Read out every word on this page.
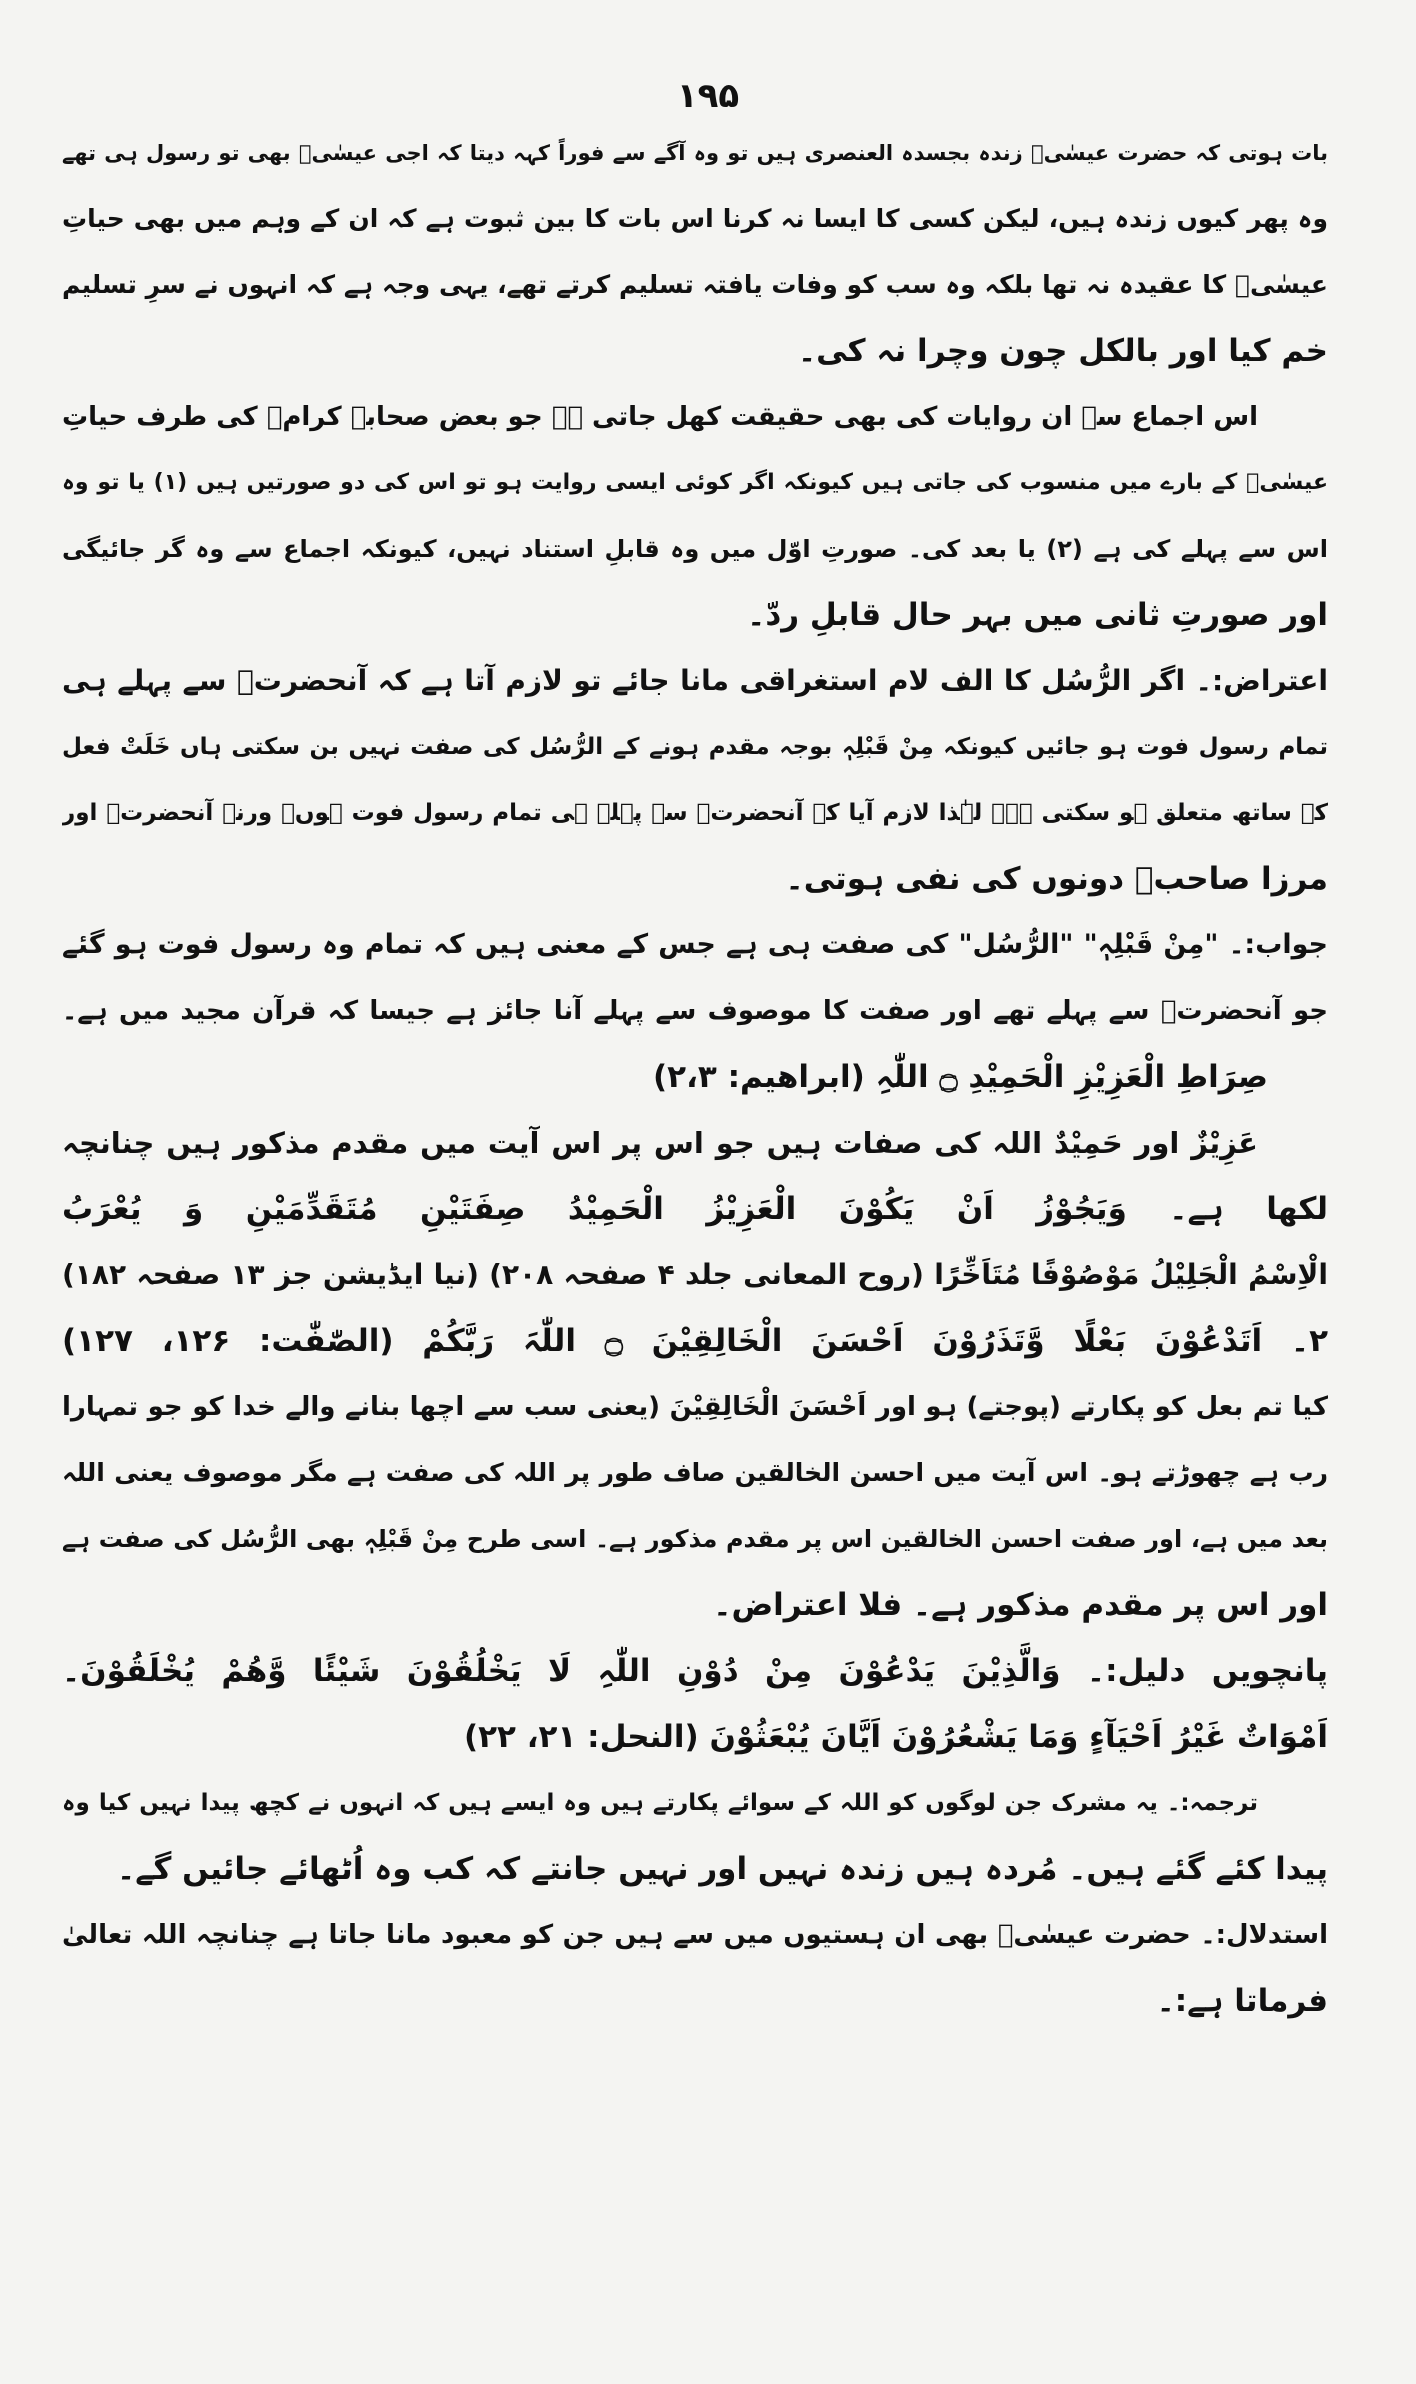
۱۹۵
بات ہوتی کہ حضرت عیسٰیؑ زندہ بجسدہ العنصری ہیں تو وہ آگے سے فوراً کہہ دیتا کہ اجی عیسٰیؑ بھی تو رسول ہی تھے
وہ پھر کیوں زندہ ہیں، لیکن کسی کا ایسا نہ کرنا اس بات کا بین ثبوت ہے کہ ان کے وہم میں بھی حیاتِ
عیسٰیؑ کا عقیدہ نہ تھا بلکہ وہ سب کو وفات یافتہ تسلیم کرتے تھے، یہی وجہ ہے کہ انہوں نے سرِ تسلیم
خم کیا اور بالکل چون وچرا نہ کی۔
اس اجماع سے ان روایات کی بھی حقیقت کھل جاتی ہے جو بعض صحابہ کرامؓ کی طرف حیاتِ
عیسٰیؑ کے بارے میں منسوب کی جاتی ہیں کیونکہ اگر کوئی ایسی روایت ہو تو اس کی دو صورتیں ہیں (۱) یا تو وہ
اس سے پہلے کی ہے (۲) یا بعد کی۔ صورتِ اوّل میں وہ قابلِ استناد نہیں، کیونکہ اجماع سے وہ گر جائیگی
اور صورتِ ثانی میں بہر حال قابلِ ردّ۔
اعتراض:۔ اگر الرُّسُل کا الف لام استغراقی مانا جائے تو لازم آتا ہے کہ آنحضرتؐ سے پہلے ہی
تمام رسول فوت ہو جائیں کیونکہ مِنْ قَبْلِہٖ بوجہ مقدم ہونے کے الرُّسُل کی صفت نہیں بن سکتی ہاں خَلَتْ فعل
کے ساتھ متعلق ہو سکتی ہے۔ لہٰذا لازم آیا کہ آنحضرتؐ سے پہلے ہی تمام رسول فوت ہوں۔ ورنہ آنحضرتؐ اور
مرزا صاحبؑ دونوں کی نفی ہوتی۔
جواب:۔ "مِنْ قَبْلِہٖ" "الرُّسُل" کی صفت ہی ہے جس کے معنی ہیں کہ تمام وہ رسول فوت ہو گئے
جو آنحضرتؐ سے پہلے تھے اور صفت کا موصوف سے پہلے آنا جائز ہے جیسا کہ قرآن مجید میں ہے۔
صِرَاطِ الْعَزِیْزِ الْحَمِیْدِ ۝ اللّٰہِ (ابراھیم: ۲،۳)
عَزِیْزٌ اور حَمِیْدٌ اللہ کی صفات ہیں جو اس پر اس آیت میں مقدم مذکور ہیں چنانچہ
لکھا ہے۔ وَیَجُوْزُ اَنْ یَکُوْنَ الْعَزِیْزُ الْحَمِیْدُ صِفَتَیْنِ مُتَقَدِّمَیْنِ وَ یُعْرَبُ
الْاِسْمُ الْجَلِیْلُ مَوْصُوْفًا مُتَاَخِّرًا (روح المعانی جلد ۴ صفحہ ۲۰۸) (نیا ایڈیشن جز ۱۳ صفحہ ۱۸۲)
۲۔ اَتَدْعُوْنَ بَعْلًا وَّتَذَرُوْنَ اَحْسَنَ الْخَالِقِیْنَ ۝ اللّٰہَ رَبَّکُمْ (الصّٰفّٰت: ۱۲۶، ۱۲۷)
کیا تم بعل کو پکارتے (پوجتے) ہو اور اَحْسَنَ الْخَالِقِیْنَ (یعنی سب سے اچھا بنانے والے خدا کو جو تمہارا
رب ہے چھوڑتے ہو۔ اس آیت میں احسن الخالقین صاف طور پر اللہ کی صفت ہے مگر موصوف یعنی اللہ
بعد میں ہے، اور صفت احسن الخالقین اس پر مقدم مذکور ہے۔ اسی طرح مِنْ قَبْلِہٖ بھی الرُّسُل کی صفت ہے
اور اس پر مقدم مذکور ہے۔ فلا اعتراض۔
پانچویں دلیل:۔ وَالَّذِیْنَ یَدْعُوْنَ مِنْ دُوْنِ اللّٰہِ لَا یَخْلُقُوْنَ شَیْئًا وَّھُمْ یُخْلَقُوْنَ۔
اَمْوَاتٌ غَیْرُ اَحْیَآءٍ وَمَا یَشْعُرُوْنَ اَیَّانَ یُبْعَثُوْنَ (النحل: ۲۱، ۲۲)
ترجمہ:۔ یہ مشرک جن لوگوں کو اللہ کے سوائے پکارتے ہیں وہ ایسے ہیں کہ انہوں نے کچھ پیدا نہیں کیا وہ
پیدا کئے گئے ہیں۔ مُردہ ہیں زندہ نہیں اور نہیں جانتے کہ کب وہ اُٹھائے جائیں گے۔
استدلال:۔ حضرت عیسٰیؑ بھی ان ہستیوں میں سے ہیں جن کو معبود مانا جاتا ہے چنانچہ اللہ تعالیٰ
فرماتا ہے:۔
